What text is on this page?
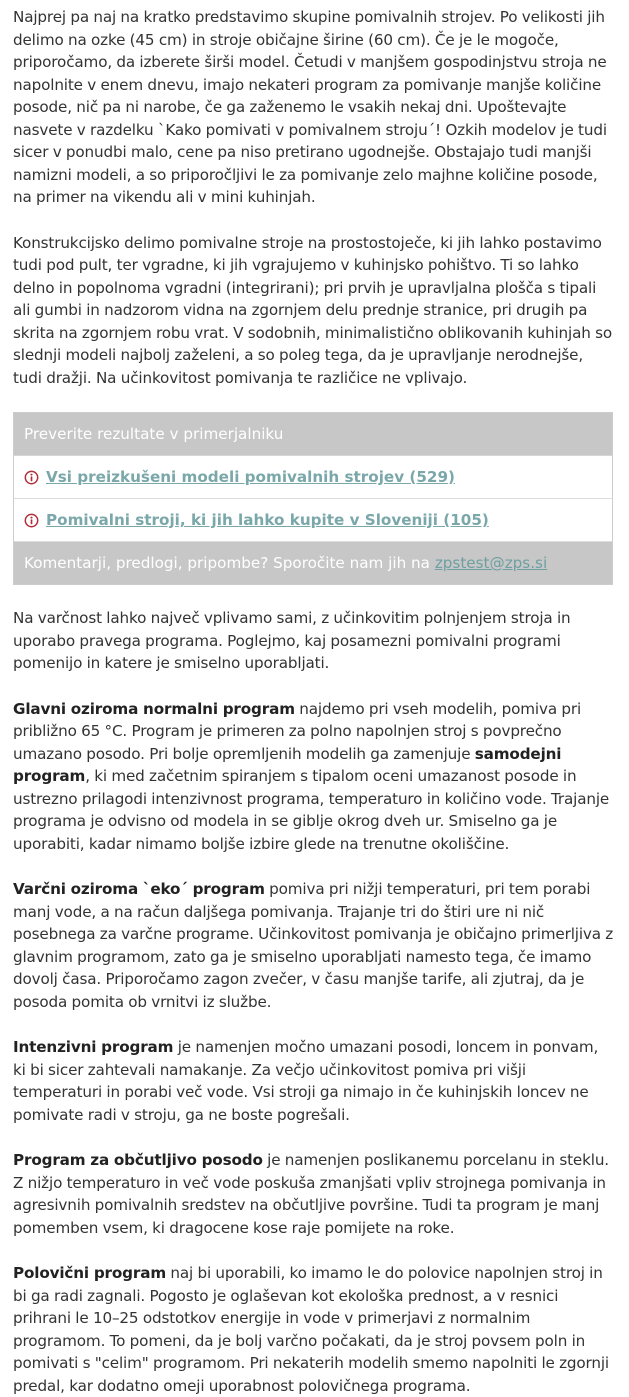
Najprej pa naj na kratko predstavimo skupine pomivalnih strojev. Po velikosti jih delimo na ozke (45 cm) in stroje običajne širine (60 cm). Če je le mogoče, priporočamo, da izberete širši model. Četudi v manjšem gospodinjstvu stroja ne napolnite v enem dnevu, imajo nekateri program za pomivanje manjše količine posode, nič pa ni narobe, če ga zaženemo le vsakih nekaj dni. Upoštevajte nasvete v razdelku `Kako pomivati v pomivalnem stroju´! Ozkih modelov je tudi sicer v ponudbi malo, cene pa niso pretirano ugodnejše. Obstajajo tudi manjši namizni modeli, a so priporočljivi le za pomivanje zelo majhne količine posode, na primer na vikendu ali v mini kuhinjah.

Konstrukcijsko delimo pomivalne stroje na prostostoječe, ki jih lahko postavimo tudi pod pult, ter vgradne, ki jih vgrajujemo v kuhinjsko pohištvo. Ti so lahko delno in popolnoma vgradni (integrirani); pri prvih je upravljalna plošča s tipali ali gumbi in nadzorom vidna na zgornjem delu prednje stranice, pri drugih pa skrita na zgornjem robu vrat. V sodobnih, minimalistično oblikovanih kuhinjah so slednji modeli najbolj zaželeni, a so poleg tega, da je upravljanje nerodnejše, tudi dražji. Na učinkovitost pomivanja te različice ne vplivajo.

Preverite rezultate v primerjalniku
Vsi preizkušeni modeli pomivalnih strojev (529)
Pomivalni stroji, ki jih lahko kupite v Sloveniji (105)
Komentarji, predlogi, pripombe? Sporočite nam jih na zpstest@zps.si

Na varčnost lahko največ vplivamo sami, z učinkovitim polnjenjem stroja in uporabo pravega programa. Poglejmo, kaj posamezni pomivalni programi pomenijo in katere je smiselno uporabljati.

Glavni oziroma normalni program najdemo pri vseh modelih, pomiva pri približno 65 °C. Program je primeren za polno napolnjen stroj s povprečno umazano posodo. Pri bolje opremljenih modelih ga zamenjuje samodejni program, ki med začetnim spiranjem s tipalom oceni umazanost posode in ustrezno prilagodi intenzivnost programa, temperaturo in količino vode. Trajanje programa je odvisno od modela in se giblje okrog dveh ur. Smiselno ga je uporabiti, kadar nimamo boljše izbire glede na trenutne okoliščine.

Varčni oziroma `eko´ program pomiva pri nižji temperaturi, pri tem porabi manj vode, a na račun daljšega pomivanja. Trajanje tri do štiri ure ni nič posebnega za varčne programe. Učinkovitost pomivanja je običajno primerljiva z glavnim programom, zato ga je smiselno uporabljati namesto tega, če imamo dovolj časa. Priporočamo zagon zvečer, v času manjše tarife, ali zjutraj, da je posoda pomita ob vrnitvi iz službe.

Intenzivni program je namenjen močno umazani posodi, loncem in ponvam, ki bi sicer zahtevali namakanje. Za večjo učinkovitost pomiva pri višji temperaturi in porabi več vode. Vsi stroji ga nimajo in če kuhinjskih loncev ne pomivate radi v stroju, ga ne boste pogrešali.

Program za občutljivo posodo je namenjen poslikanemu porcelanu in steklu. Z nižjo temperaturo in več vode poskuša zmanjšati vpliv strojnega pomivanja in agresivnih pomivalnih sredstev na občutljive površine. Tudi ta program je manj pomemben vsem, ki dragocene kose raje pomijete na roke.

Polovični program naj bi uporabili, ko imamo le do polovice napolnjen stroj in bi ga radi zagnali. Pogosto je oglaševan kot ekološka prednost, a v resnici prihrani le 10–25 odstotkov energije in vode v primerjavi z normalnim programom. To pomeni, da je bolj varčno počakati, da je stroj povsem poln in pomivati s "celim" programom. Pri nekaterih modelih smemo napolniti le zgornji predal, kar dodatno omeji uporabnost polovičnega programa.
